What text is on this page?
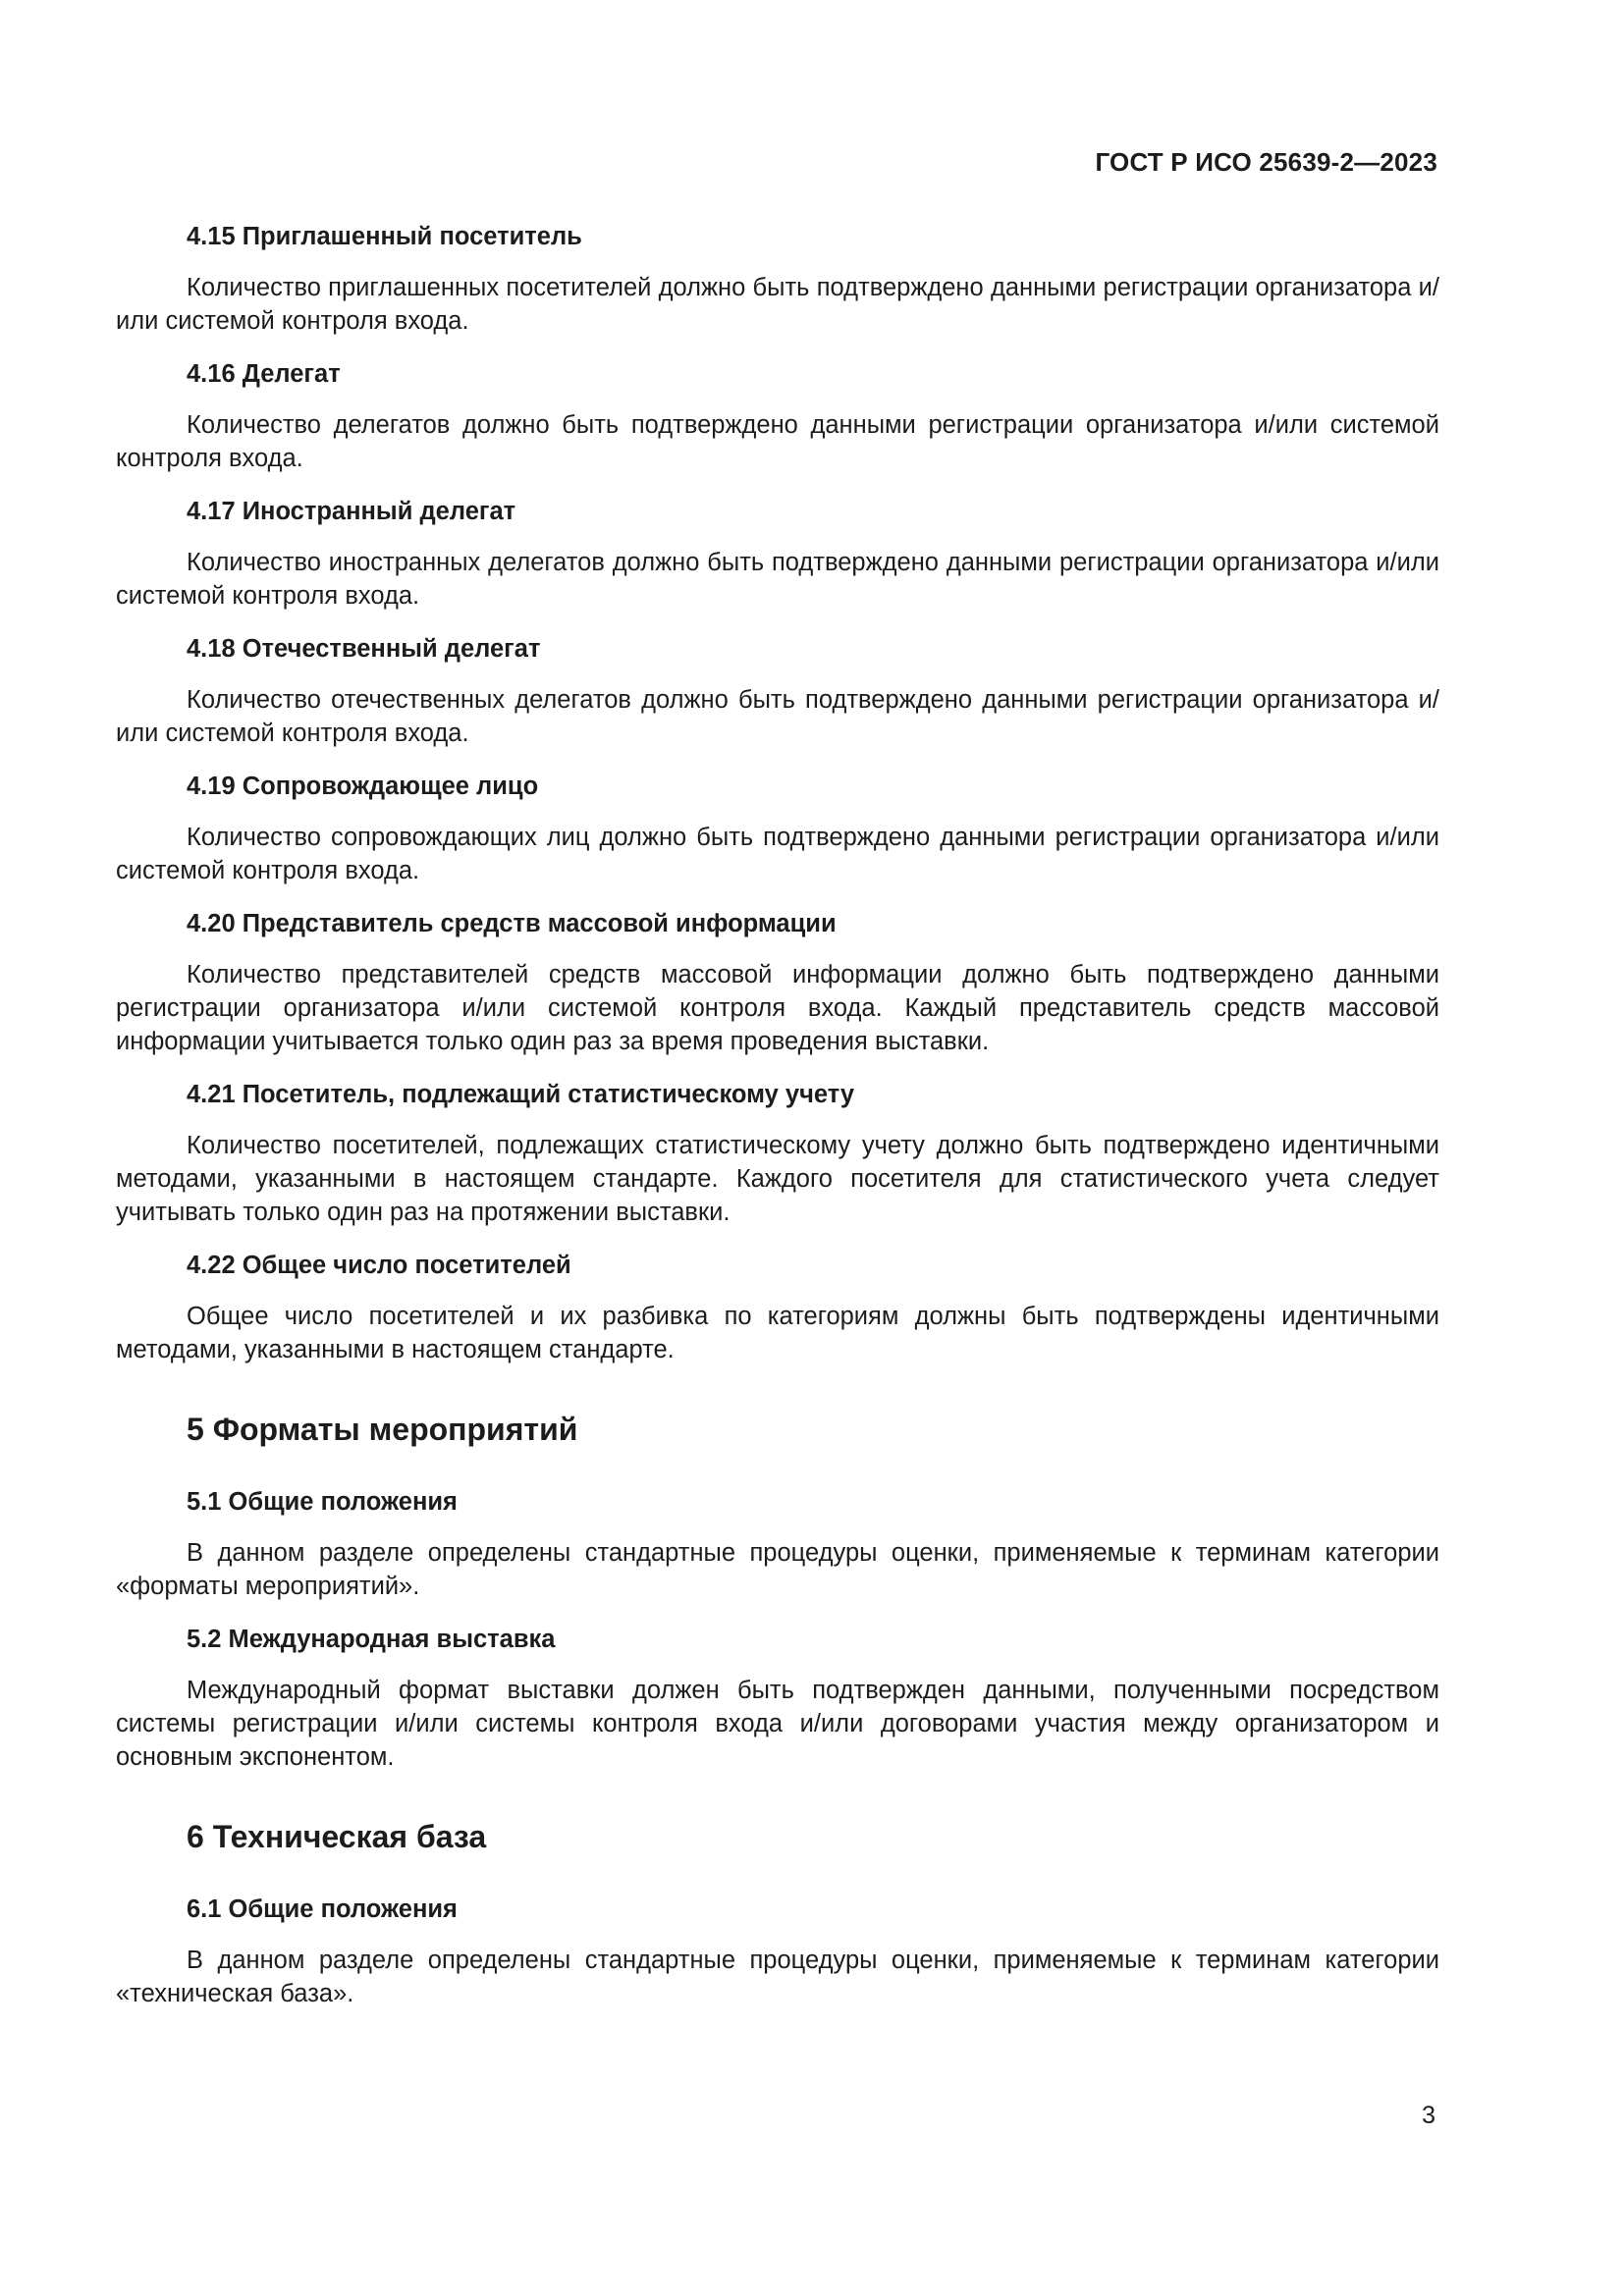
ГОСТ Р ИСО 25639-2—2023
4.15 Приглашенный посетитель

Количество приглашенных посетителей должно быть подтверждено данными регистрации организатора и/или системой контроля входа.

4.16 Делегат

Количество делегатов должно быть подтверждено данными регистрации организатора и/или системой контроля входа.

4.17 Иностранный делегат

Количество иностранных делегатов должно быть подтверждено данными регистрации организатора и/или системой контроля входа.

4.18 Отечественный делегат

Количество отечественных делегатов должно быть подтверждено данными регистрации организатора и/или системой контроля входа.

4.19 Сопровождающее лицо

Количество сопровождающих лиц должно быть подтверждено данными регистрации организатора и/или системой контроля входа.

4.20 Представитель средств массовой информации

Количество представителей средств массовой информации должно быть подтверждено данными регистрации организатора и/или системой контроля входа. Каждый представитель средств массовой информации учитывается только один раз за время проведения выставки.

4.21 Посетитель, подлежащий статистическому учету

Количество посетителей, подлежащих статистическому учету должно быть подтверждено идентичными методами, указанными в настоящем стандарте. Каждого посетителя для статистического учета следует учитывать только один раз на протяжении выставки.

4.22 Общее число посетителей

Общее число посетителей и их разбивка по категориям должны быть подтверждены идентичными методами, указанными в настоящем стандарте.

5 Форматы мероприятий
5.1 Общие положения

В данном разделе определены стандартные процедуры оценки, применяемые к терминам категории «форматы мероприятий».

5.2 Международная выставка

Международный формат выставки должен быть подтвержден данными, полученными посредством системы регистрации и/или системы контроля входа и/или договорами участия между организатором и основным экспонентом.

6 Техническая база
6.1 Общие положения

В данном разделе определены стандартные процедуры оценки, применяемые к терминам категории «техническая база».

3
